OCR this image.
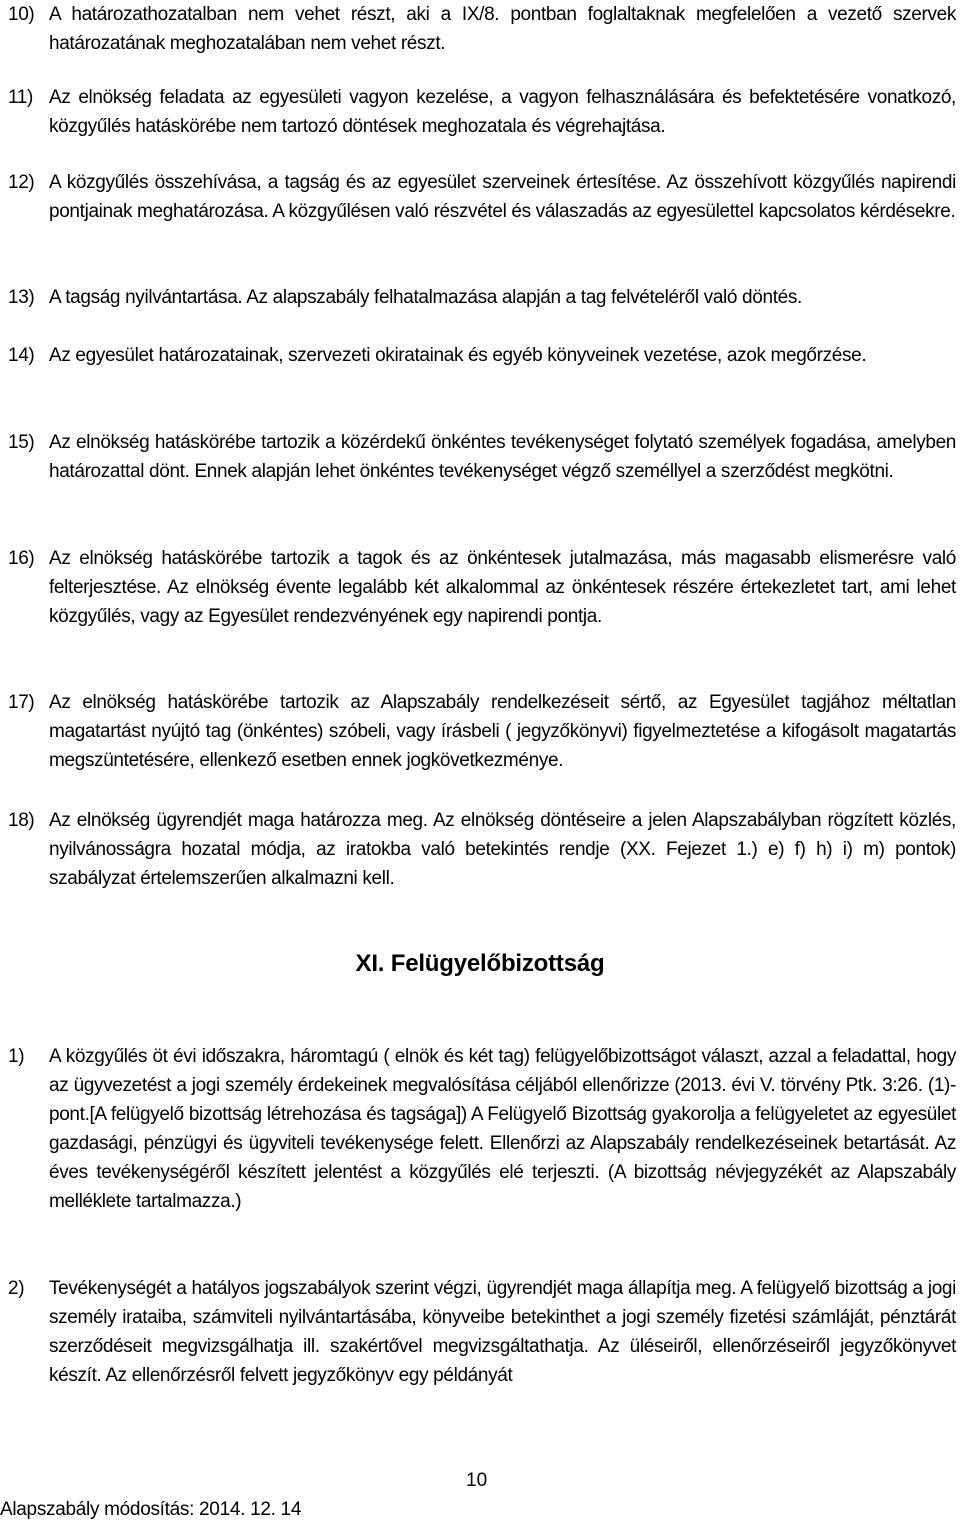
10) A határozathozatalban nem vehet részt, aki a IX/8. pontban foglaltaknak megfelelően a vezető szervek határozatának meghozatalában nem vehet részt.
11) Az elnökség feladata az egyesületi vagyon kezelése, a vagyon felhasználására és befektetésére vonatkozó, közgyűlés hatáskörébe nem tartozó döntések meghozatala és végrehajtása.
12) A közgyűlés összehívása, a tagság és az egyesület szerveinek értesítése. Az összehívott közgyűlés napirendi pontjainak meghatározása. A közgyűlésen való részvétel és válaszadás az egyesülettel kapcsolatos kérdésekre.
13) A tagság nyilvántartása. Az alapszabály felhatalmazása alapján a tag felvételéről való döntés.
14) Az egyesület határozatainak, szervezeti okiratainak és egyéb könyveinek vezetése, azok megőrzése.
15) Az elnökség hatáskörébe tartozik a közérdekű önkéntes tevékenységet folytató személyek fogadása, amelyben határozattal dönt. Ennek alapján lehet önkéntes tevékenységet végző személlyel a szerződést megkötni.
16) Az elnökség hatáskörébe tartozik a tagok és az önkéntesek jutalmazása, más magasabb elismerésre való felterjesztése. Az elnökség évente legalább két alkalommal az önkéntesek részére értekezletet tart, ami lehet közgyűlés, vagy az Egyesület rendezvényének egy napirendi pontja.
17) Az elnökség hatáskörébe tartozik az Alapszabály rendelkezéseit sértő, az Egyesület tagjához méltatlan magatartást nyújtó tag (önkéntes) szóbeli, vagy írásbeli ( jegyzőkönyvi) figyelmeztetése a kifogásolt magatartás megszüntetésére, ellenkező esetben ennek jogkövetkezménye.
18) Az elnökség ügyrendjét maga határozza meg. Az elnökség döntéseire a jelen Alapszabályban rögzített közlés, nyilvánosságra hozatal módja, az iratokba való betekintés rendje (XX. Fejezet 1.) e) f) h) i) m) pontok) szabályzat értelemszerűen alkalmazni kell.
XI. Felügyelőbizottság
1) A közgyűlés öt évi időszakra, háromtagú ( elnök és két tag) felügyelőbizottságot választ, azzal a feladattal, hogy az ügyvezetést a jogi személy érdekeinek megvalósítása céljából ellenőrizze (2013. évi V. törvény Ptk. 3:26. (1)- pont.[A felügyelő bizottság létrehozása és tagsága]) A Felügyelő Bizottság gyakorolja a felügyeletet az egyesület gazdasági, pénzügyi és ügyviteli tevékenysége felett. Ellenőrzi az Alapszabály rendelkezéseinek betartását. Az éves tevékenységéről készített jelentést a közgyűlés elé terjeszti. (A bizottság névjegyzékét az Alapszabály melléklete tartalmazza.)
2) Tevékenységét a hatályos jogszabályok szerint végzi, ügyrendjét maga állapítja meg. A felügyelő bizottság a jogi személy irataiba, számviteli nyilvántartásába, könyveibe betekinthet a jogi személy fizetési számláját, pénztárát szerződéseit megvizsgálhatja ill. szakértővel megvizsgáltathatja. Az üléseiről, ellenőrzéseiről jegyzőkönyvet készít. Az ellenőrzésről felvett jegyzőkönyv egy példányát
10
Alapszabály módosítás: 2014. 12. 14
